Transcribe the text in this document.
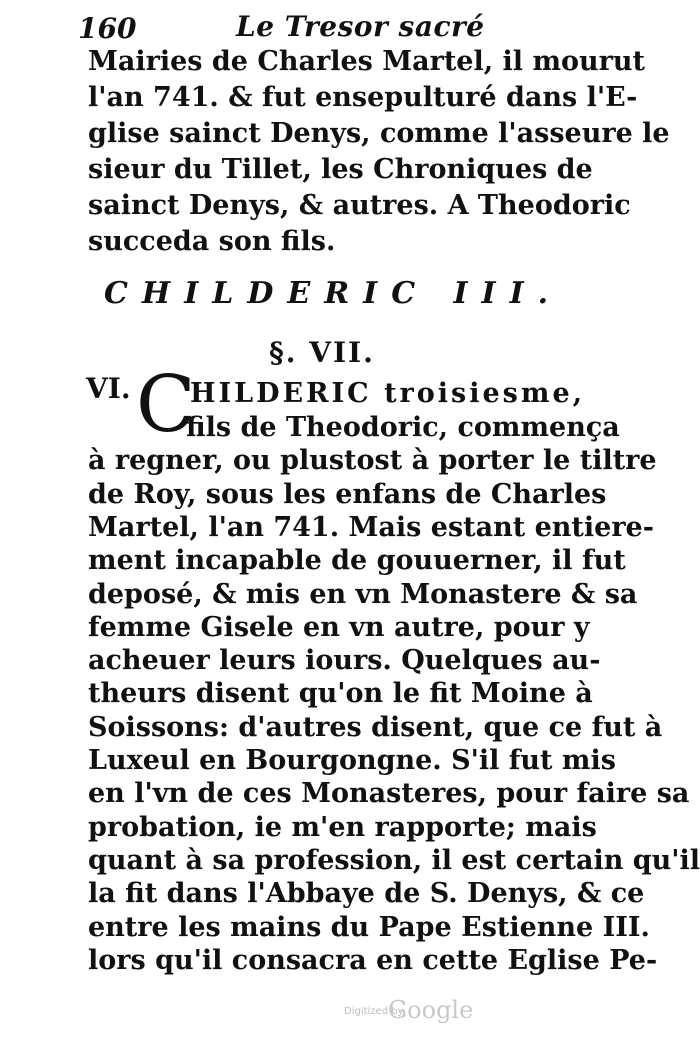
160	Le Tresor sacré
Mairies de Charles Martel, il mourut
l'an 741. & fut ensepulturé dans l'E-
glise sainct Denys, comme l'asseure le
sieur du Tillet, les Chroniques de
sainct Denys, & autres. A Theodoric
succeda son fils.
CHILDERIC III.
§. VII.
VI. C
HILDERIC troisiesme,
fils de Theodoric, commença
à regner, ou plustost à porter le tiltre
de Roy, sous les enfans de Charles
Martel, l'an 741. Mais estant entiere-
ment incapable de gouuerner, il fut
deposé, & mis en vn Monastere & sa
femme Gisele en vn autre, pour y
acheuer leurs iours. Quelques au-
theurs disent qu'on le fit Moine à
Soissons: d'autres disent, que ce fut à
Luxeul en Bourgongne. S'il fut mis
en l'vn de ces Monasteres, pour faire sa
probation, ie m'en rapporte; mais
quant à sa profession, il est certain qu'il
la fit dans l'Abbaye de S. Denys, & ce
entre les mains du Pape Estienne III.
Digitized by
Google
lors qu'il consacra en cette Eglise Pe-
